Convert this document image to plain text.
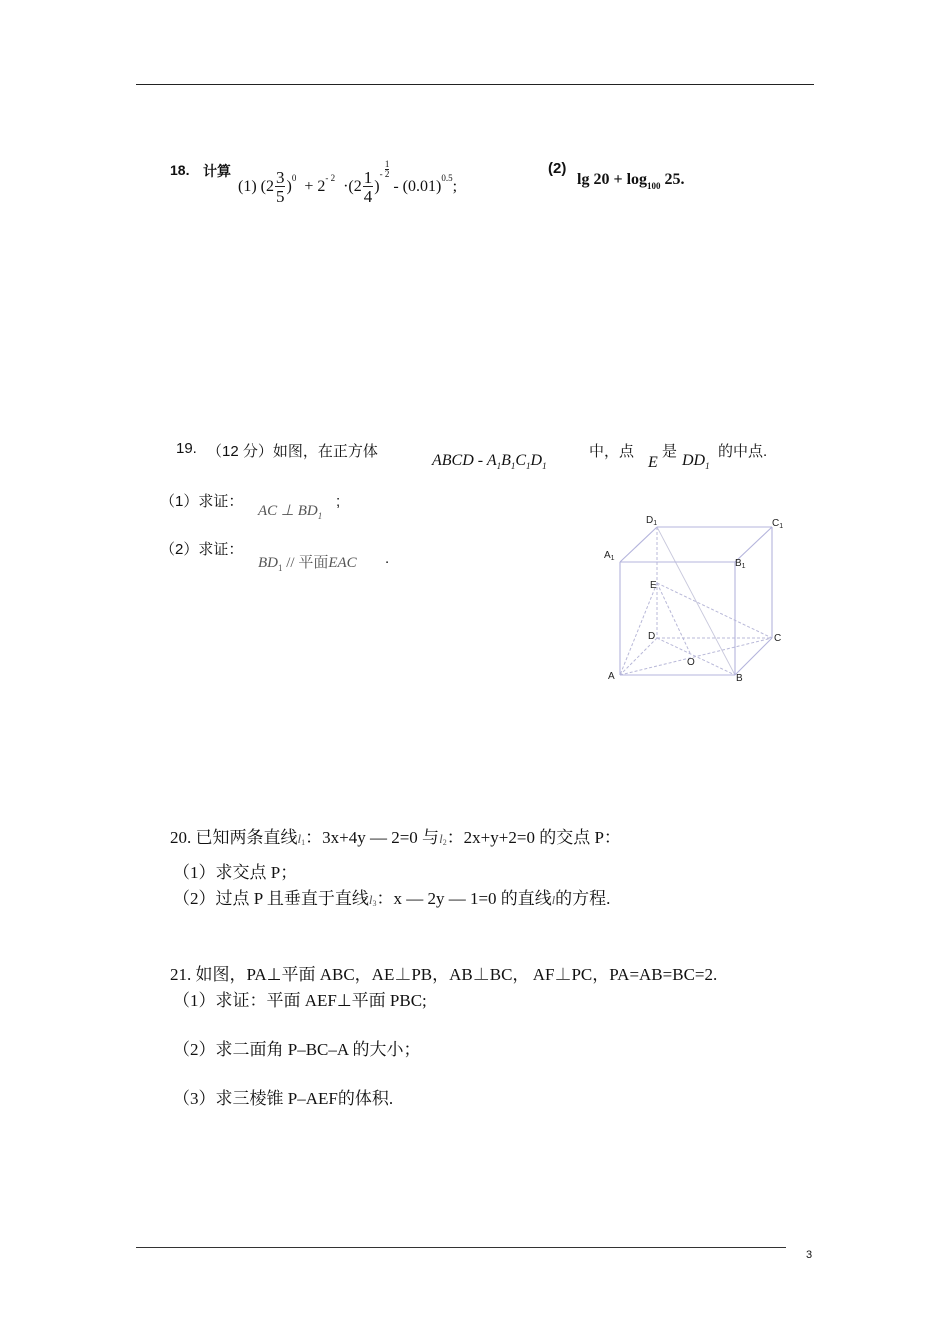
18. 计算
(1) $(2 \frac{3}{5} )^0 + 2^{- 2} \cdot(2 \frac{1}{4}$ )- $\frac{1}{2}$
- $(0.01)^{0.5}$;
(2)
$\lg 20 + \log_{100} 25$.
19. （12 分）如图，在正方体
ABCD - $A_1B_1C_1D_1$
中，点
E
是
$DD_1$
的中点.
（1）求证：
AC ⊥ $BD_1$
;
（2）求证：
$BD_1$ // 平面EAC .
$D_1$	$C_1$
$A_1$	$B_1$
E
D	C
O
A	B
20. 已知两条直线l1：3x+4y ― 2=0 与l2：2x+y+2=0 的交点 P：
（1）求交点 P；
（2）过点 P 且垂直于直线l3：x ― 2y ― 1=0 的直线l的方程.
21. 如图，PA⊥平面 ABC，AE⊥PB，AB⊥BC， AF⊥PC，PA=AB=BC=2.
（1）求证：平面 AEF⊥平面 PBC;
（2）求二面角 P–BC–A 的大小；
（3）求三棱锥 P–AEF的体积.
3
